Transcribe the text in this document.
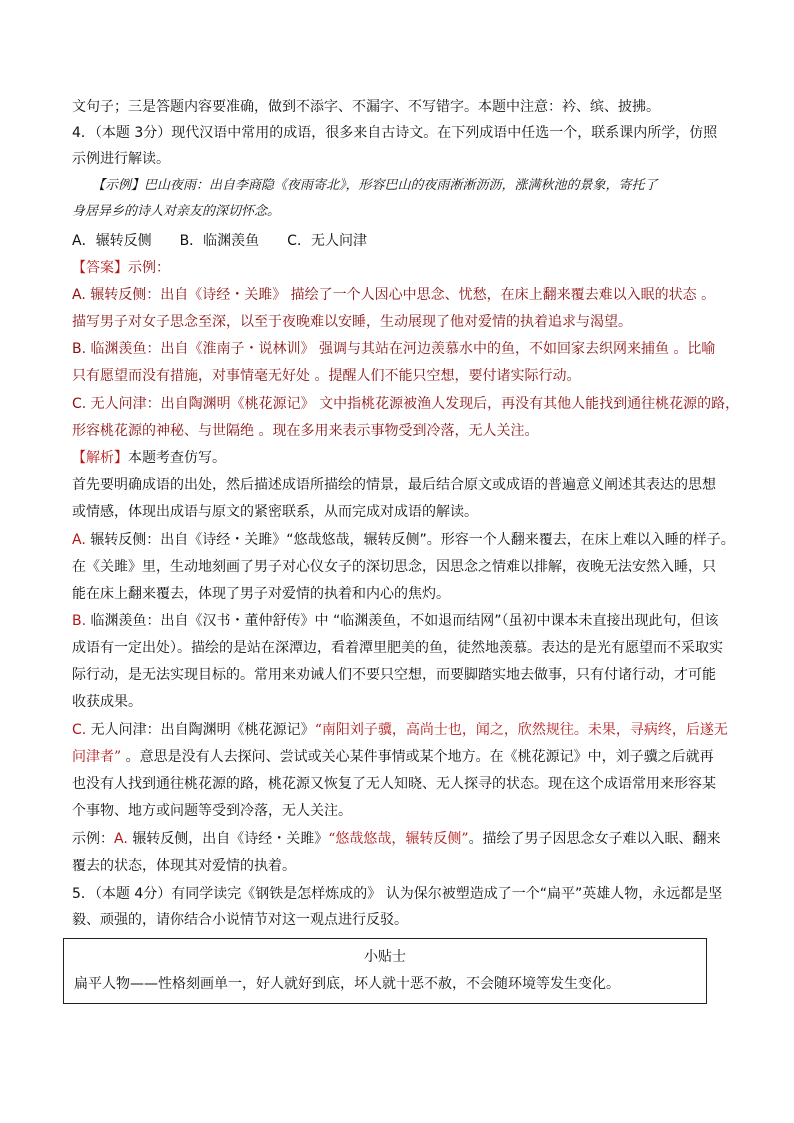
文句子；三是答题内容要准确，做到不添字、不漏字、不写错字。本题中注意：衿、缤、披拂。
4．（本题 3分）现代汉语中常用的成语，很多来自古诗文。在下列成语中任选一个，联系课内所学，仿照
示例进行解读。
【示例】巴山夜雨：出自李商隐《夜雨寄北》，形容巴山的夜雨淅淅沥沥，涨满秋池的景象，寄托了
身居异乡的诗人对亲友的深切怀念。
A．辗转反侧　　B．临渊羡鱼　　C．无人问津
【答案】示例：
A. 辗转反侧：出自《诗经・关雎》 描绘了一个人因心中思念、忧愁，在床上翻来覆去难以入眠的状态 。
描写男子对女子思念至深，以至于夜晚难以安睡，生动展现了他对爱情的执着追求与渴望。
B. 临渊羡鱼：出自《淮南子・说林训》 强调与其站在河边羡慕水中的鱼，不如回家去织网来捕鱼 。比喻
只有愿望而没有措施，对事情毫无好处 。提醒人们不能只空想，要付诸实际行动。
C. 无人问津：出自陶渊明《桃花源记》 文中指桃花源被渔人发现后，再没有其他人能找到通往桃花源的路，
形容桃花源的神秘、与世隔绝 。现在多用来表示事物受到冷落，无人关注。
【解析】本题考查仿写。
首先要明确成语的出处，然后描述成语所描绘的情景，最后结合原文或成语的普遍意义阐述其表达的思想
或情感，体现出成语与原文的紧密联系，从而完成对成语的解读。
A. 辗转反侧：出自《诗经・关雎》“悠哉悠哉，辗转反侧”。形容一个人翻来覆去，在床上难以入睡的样子。
在《关雎》里，生动地刻画了男子对心仪女子的深切思念，因思念之情难以排解，夜晚无法安然入睡，只
能在床上翻来覆去，体现了男子对爱情的执着和内心的焦灼。
B. 临渊羡鱼：出自《汉书・董仲舒传》中 “临渊羡鱼，不如退而结网”（虽初中课本未直接出现此句，但该
成语有一定出处）。描绘的是站在深潭边，看着潭里肥美的鱼，徒然地羡慕。表达的是光有愿望而不采取实
际行动，是无法实现目标的。常用来劝诫人们不要只空想，而要脚踏实地去做事，只有付诸行动，才可能
收获成果。
C. 无人问津：出自陶渊明《桃花源记》“南阳刘子骥，高尚士也，闻之，欣然规往。未果，寻病终，后遂无
问津者” 。意思是没有人去探问、尝试或关心某件事情或某个地方。在《桃花源记》中，刘子骥之后就再
也没有人找到通往桃花源的路，桃花源又恢复了无人知晓、无人探寻的状态。现在这个成语常用来形容某
个事物、地方或问题等受到冷落，无人关注。
示例：A. 辗转反侧，出自《诗经・关雎》“悠哉悠哉，辗转反侧”。描绘了男子因思念女子难以入眠、翻来
覆去的状态，体现其对爱情的执着。
5．（本题 4分）有同学读完《钢铁是怎样炼成的》 认为保尔被塑造成了一个“扁平”英雄人物，永远都是坚
毅、顽强的，请你结合小说情节对这一观点进行反驳。
小贴士
扁平人物——性格刻画单一，好人就好到底，坏人就十恶不赦，不会随环境等发生变化。
